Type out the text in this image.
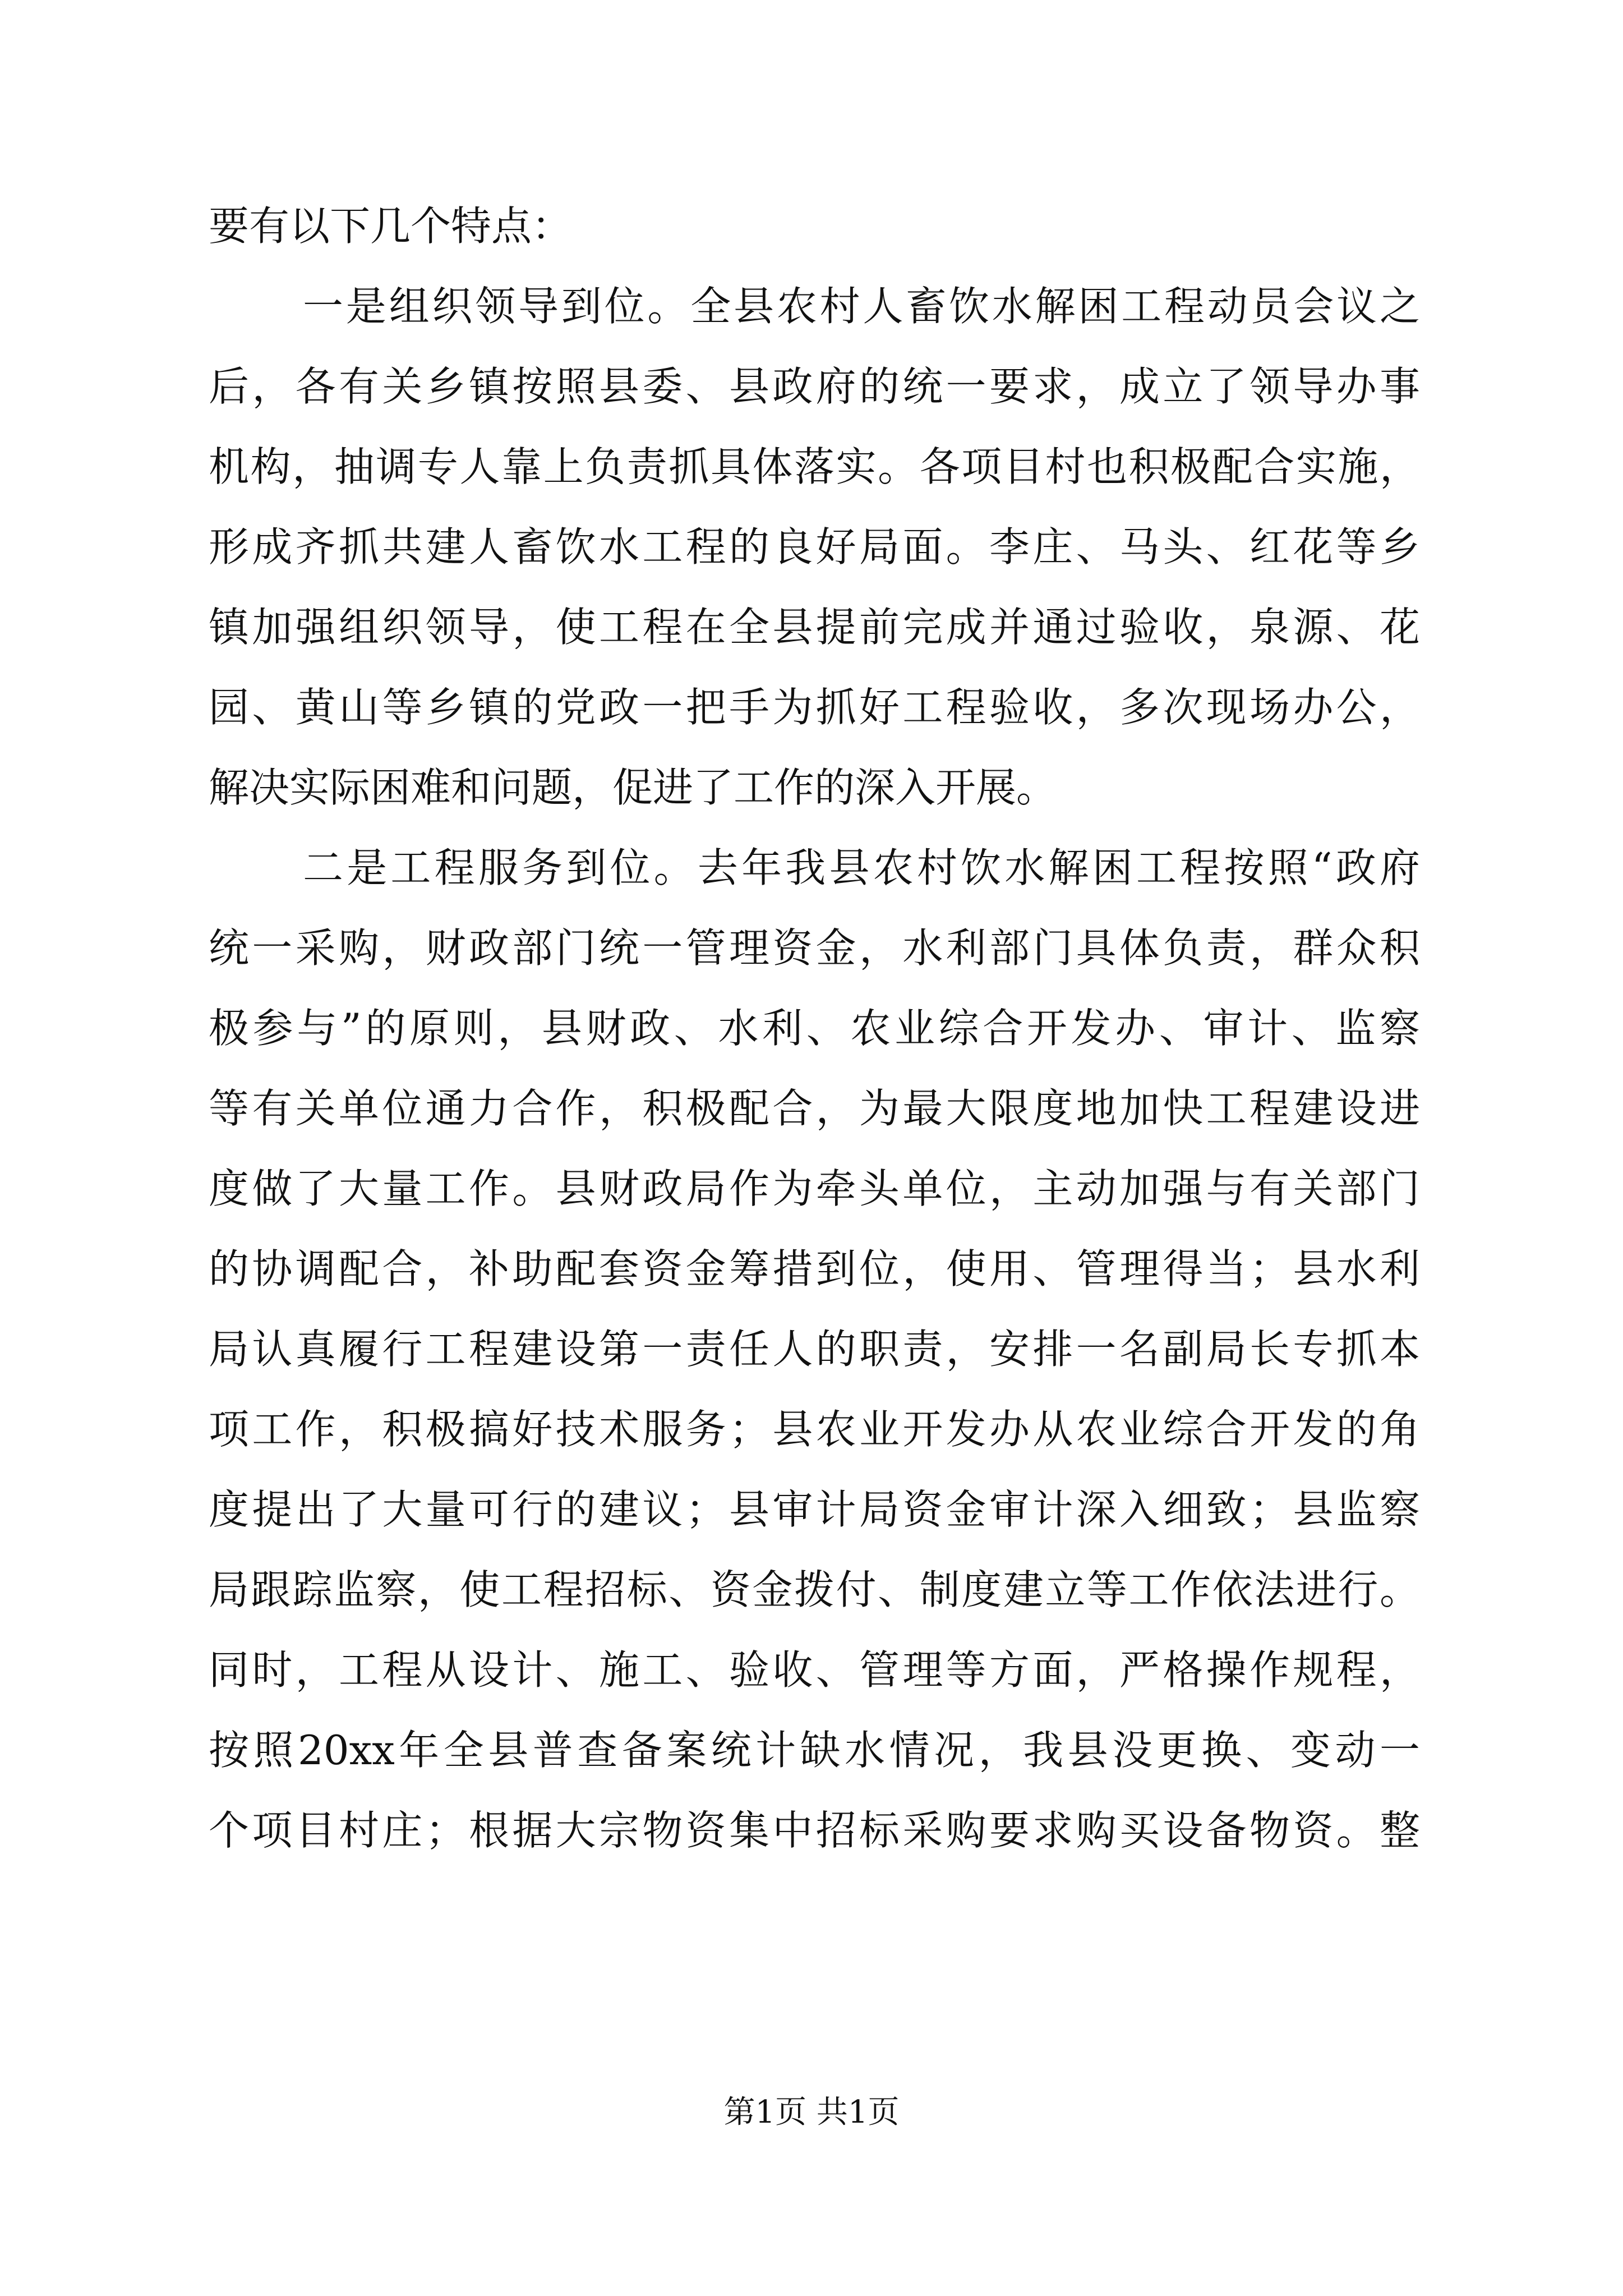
要有以下几个特点：
一是组织领导到位。全县农村人畜饮水解困工程动员会议之
后，各有关乡镇按照县委、县政府的统一要求，成立了领导办事
机构，抽调专人靠上负责抓具体落实。各项目村也积极配合实施，
形成齐抓共建人畜饮水工程的良好局面。李庄、马头、红花等乡
镇加强组织领导，使工程在全县提前完成并通过验收，泉源、花
园、黄山等乡镇的党政一把手为抓好工程验收，多次现场办公，
解决实际困难和问题，促进了工作的深入开展。
二是工程服务到位。去年我县农村饮水解困工程按照“政府
统一采购，财政部门统一管理资金，水利部门具体负责，群众积
极参与”的原则，县财政、水利、农业综合开发办、审计、监察
等有关单位通力合作，积极配合，为最大限度地加快工程建设进
度做了大量工作。县财政局作为牵头单位，主动加强与有关部门
的协调配合，补助配套资金筹措到位，使用、管理得当；县水利
局认真履行工程建设第一责任人的职责，安排一名副局长专抓本
项工作，积极搞好技术服务；县农业开发办从农业综合开发的角
度提出了大量可行的建议；县审计局资金审计深入细致；县监察
局跟踪监察，使工程招标、资金拨付、制度建立等工作依法进行。
同时，工程从设计、施工、验收、管理等方面，严格操作规程，
按照20xx年全县普查备案统计缺水情况，我县没更换、变动一
个项目村庄；根据大宗物资集中招标采购要求购买设备物资。整
第1页 共1页
